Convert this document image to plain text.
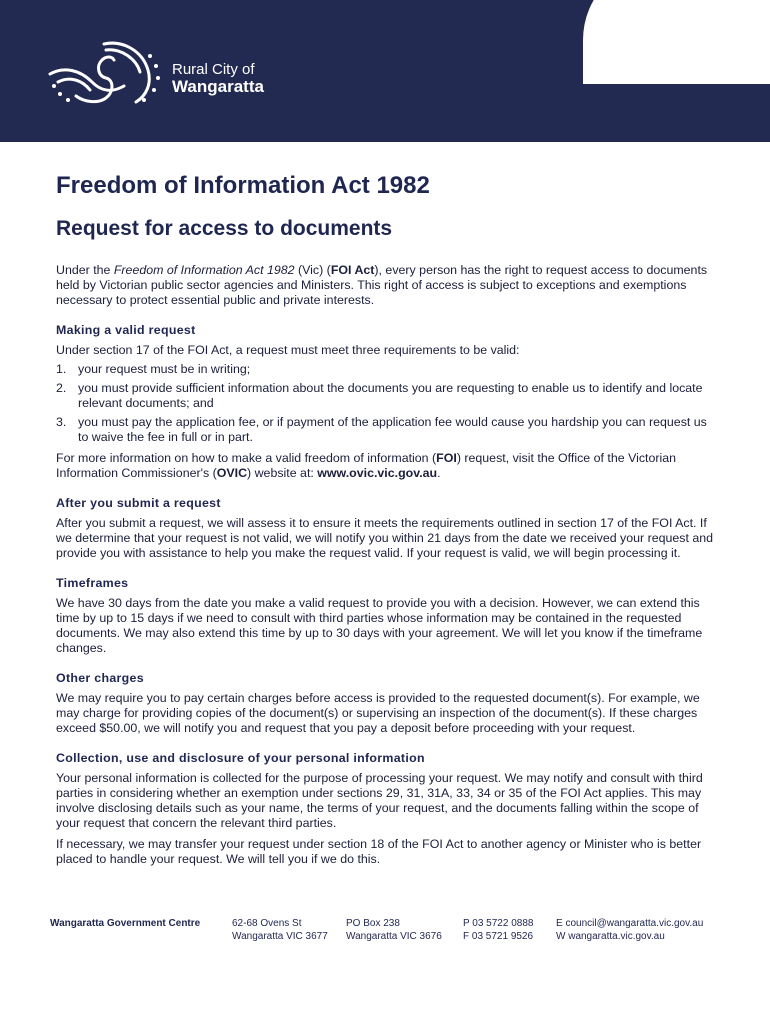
Rural City of
Wangaratta
Freedom of Information Act 1982
Request for access to documents

Under the Freedom of Information Act 1982 (Vic) (FOI Act), every person has the right to request access to documents held by Victorian public sector agencies and Ministers. This right of access is subject to exceptions and exemptions necessary to protect essential public and private interests.

Making a valid request

Under section 17 of the FOI Act, a request must meet three requirements to be valid:

1. your request must be in writing;
2. you must provide sufficient information about the documents you are requesting to enable us to identify and locate relevant documents; and
3. you must pay the application fee, or if payment of the application fee would cause you hardship you can request us to waive the fee in full or in part.

For more information on how to make a valid freedom of information (FOI) request, visit the Office of the Victorian Information Commissioner's (OVIC) website at: www.ovic.vic.gov.au.

After you submit a request

After you submit a request, we will assess it to ensure it meets the requirements outlined in section 17 of the FOI Act. If we determine that your request is not valid, we will notify you within 21 days from the date we received your request and provide you with assistance to help you make the request valid. If your request is valid, we will begin processing it.

Timeframes

We have 30 days from the date you make a valid request to provide you with a decision. However, we can extend this time by up to 15 days if we need to consult with third parties whose information may be contained in the requested documents. We may also extend this time by up to 30 days with your agreement. We will let you know if the timeframe changes.

Other charges

We may require you to pay certain charges before access is provided to the requested document(s). For example, we may charge for providing copies of the document(s) or supervising an inspection of the document(s). If these charges exceed $50.00, we will notify you and request that you pay a deposit before proceeding with your request.

Collection, use and disclosure of your personal information

Your personal information is collected for the purpose of processing your request. We may notify and consult with third parties in considering whether an exemption under sections 29, 31, 31A, 33, 34 or 35 of the FOI Act applies. This may involve disclosing details such as your name, the terms of your request, and the documents falling within the scope of your request that concern the relevant third parties.

If necessary, we may transfer your request under section 18 of the FOI Act to another agency or Minister who is better placed to handle your request. We will tell you if we do this.

Wangaratta Government Centre	62-68 Ovens St
Wangaratta VIC 3677
PO Box 238
Wangaratta VIC 3676
P 03 5722 0888
F 03 5721 9526
E council@wangaratta.vic.gov.au
W wangaratta.vic.gov.au
